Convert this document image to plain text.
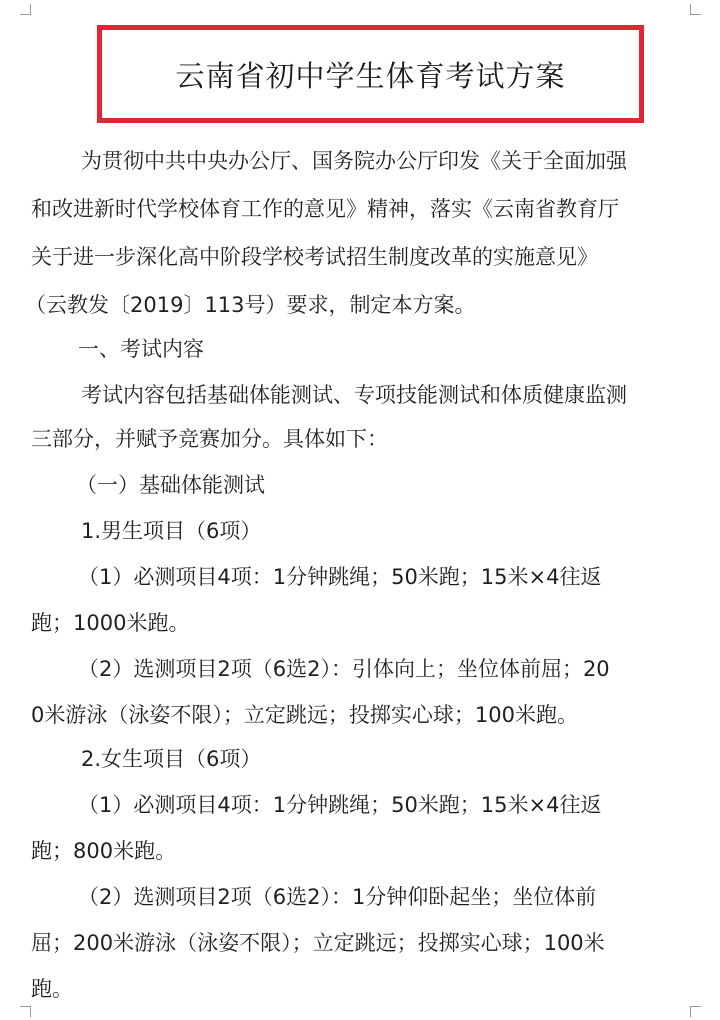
云南省初中学生体育考试方案
为贯彻中共中央办公厅、国务院办公厅印发《关于全面加强
和改进新时代学校体育工作的意见》精神，落实《云南省教育厅
关于进一步深化高中阶段学校考试招生制度改革的实施意见》
（云教发〔2019〕113号）要求，制定本方案。
一、考试内容
考试内容包括基础体能测试、专项技能测试和体质健康监测
三部分，并赋予竞赛加分。具体如下：
（一）基础体能测试
1.男生项目（6项）
（1）必测项目4项：1分钟跳绳；50米跑；15米×4往返
跑；1000米跑。
（2）选测项目2项（6选2）：引体向上；坐位体前屈；20
0米游泳（泳姿不限）；立定跳远；投掷实心球；100米跑。
2.女生项目（6项）
（1）必测项目4项：1分钟跳绳；50米跑；15米×4往返
跑；800米跑。
（2）选测项目2项（6选2）：1分钟仰卧起坐；坐位体前
屈；200米游泳（泳姿不限）；立定跳远；投掷实心球；100米
跑。
